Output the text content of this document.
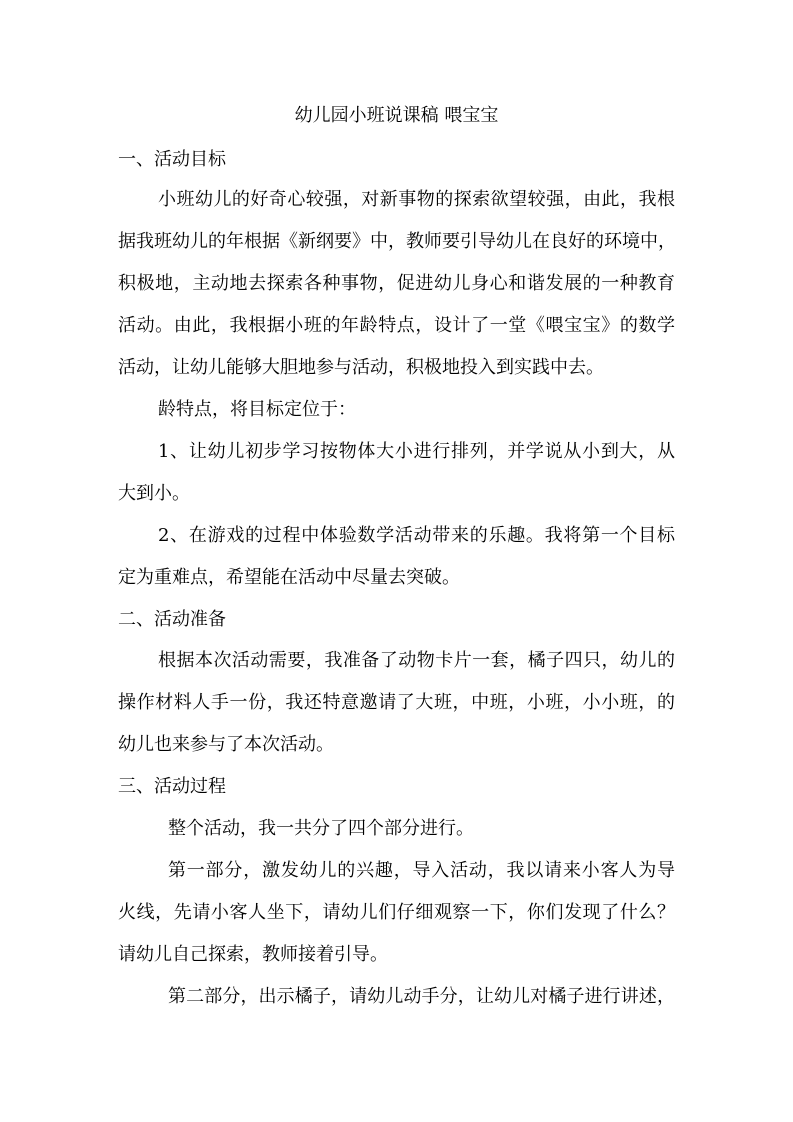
幼儿园小班说课稿 喂宝宝
一、活动目标
小班幼儿的好奇心较强，对新事物的探索欲望较强，由此，我根
据我班幼儿的年根据《新纲要》中，教师要引导幼儿在良好的环境中，
积极地，主动地去探索各种事物，促进幼儿身心和谐发展的一种教育
活动。由此，我根据小班的年龄特点，设计了一堂《喂宝宝》的数学
活动，让幼儿能够大胆地参与活动，积极地投入到实践中去。
龄特点，将目标定位于：
1、让幼儿初步学习按物体大小进行排列，并学说从小到大，从
大到小。
2、在游戏的过程中体验数学活动带来的乐趣。我将第一个目标
定为重难点，希望能在活动中尽量去突破。
二、活动准备
根据本次活动需要，我准备了动物卡片一套，橘子四只，幼儿的
操作材料人手一份，我还特意邀请了大班，中班，小班，小小班，的
幼儿也来参与了本次活动。
三、活动过程
整个活动，我一共分了四个部分进行。
第一部分，激发幼儿的兴趣，导入活动，我以请来小客人为导
火线，先请小客人坐下，请幼儿们仔细观察一下，你们发现了什么？
请幼儿自己探索，教师接着引导。
第二部分，出示橘子，请幼儿动手分，让幼儿对橘子进行讲述，
